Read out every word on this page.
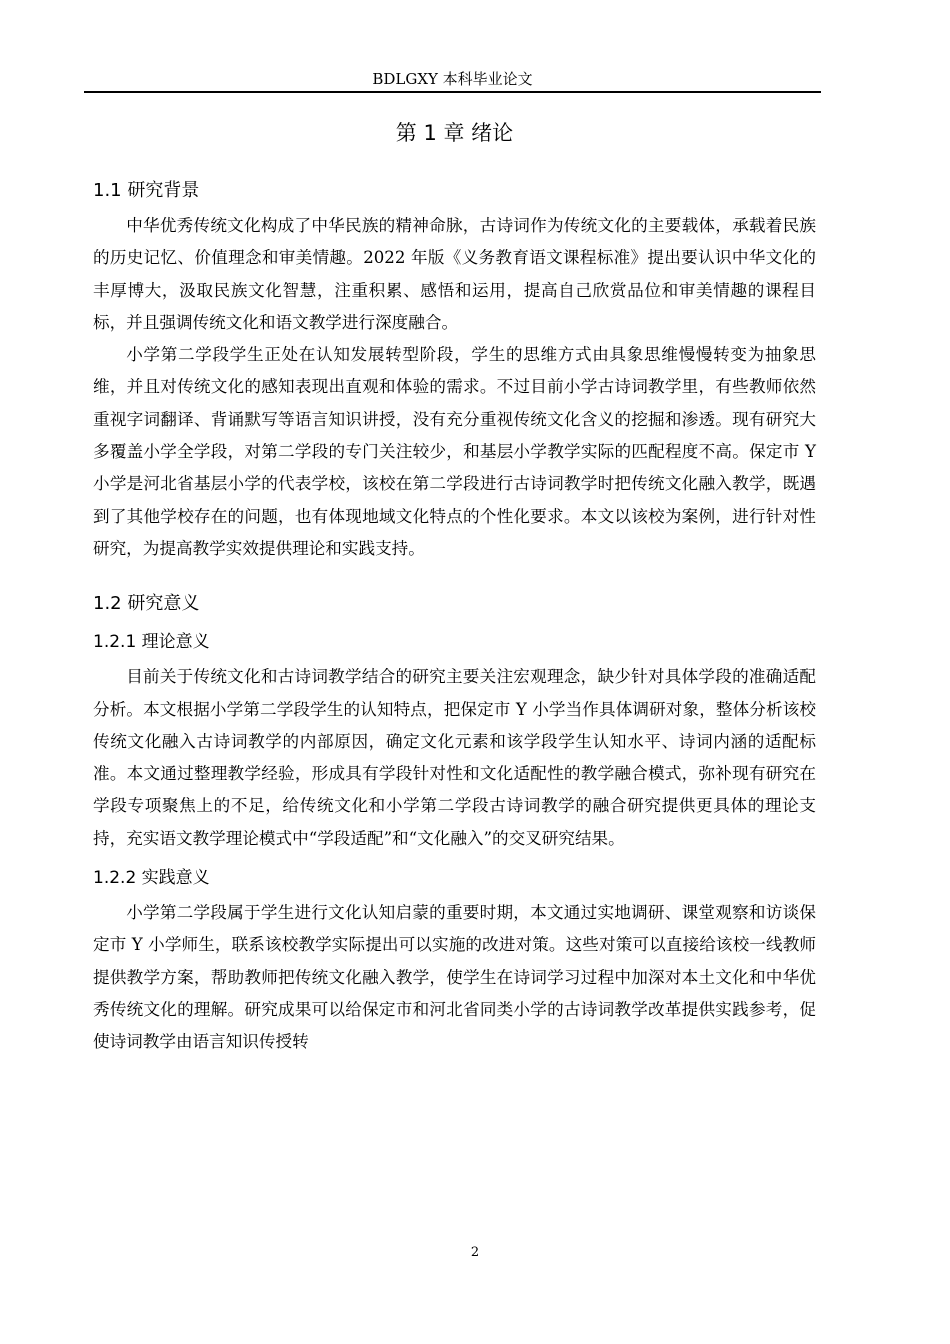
BDLGXY 本科毕业论文
第 1 章 绪论
1.1 研究背景

中华优秀传统文化构成了中华民族的精神命脉，古诗词作为传统文化的主要载体，承载着民族的历史记忆、价值理念和审美情趣。2022 年版《义务教育语文课程标准》提出要认识中华文化的丰厚博大，汲取民族文化智慧，注重积累、感悟和运用，提高自己欣赏品位和审美情趣的课程目标，并且强调传统文化和语文教学进行深度融合。

小学第二学段学生正处在认知发展转型阶段，学生的思维方式由具象思维慢慢转变为抽象思维，并且对传统文化的感知表现出直观和体验的需求。不过目前小学古诗词教学里，有些教师依然重视字词翻译、背诵默写等语言知识讲授，没有充分重视传统文化含义的挖掘和渗透。现有研究大多覆盖小学全学段，对第二学段的专门关注较少，和基层小学教学实际的匹配程度不高。保定市 Y 小学是河北省基层小学的代表学校，该校在第二学段进行古诗词教学时把传统文化融入教学，既遇到了其他学校存在的问题，也有体现地域文化特点的个性化要求。本文以该校为案例，进行针对性研究，为提高教学实效提供理论和实践支持。

1.2 研究意义
1.2.1 理论意义

目前关于传统文化和古诗词教学结合的研究主要关注宏观理念，缺少针对具体学段的准确适配分析。本文根据小学第二学段学生的认知特点，把保定市 Y 小学当作具体调研对象，整体分析该校传统文化融入古诗词教学的内部原因，确定文化元素和该学段学生认知水平、诗词内涵的适配标准。本文通过整理教学经验，形成具有学段针对性和文化适配性的教学融合模式，弥补现有研究在学段专项聚焦上的不足，给传统文化和小学第二学段古诗词教学的融合研究提供更具体的理论支持，充实语文教学理论模式中“学段适配”和“文化融入”的交叉研究结果。

1.2.2 实践意义

小学第二学段属于学生进行文化认知启蒙的重要时期，本文通过实地调研、课堂观察和访谈保定市 Y 小学师生，联系该校教学实际提出可以实施的改进对策。这些对策可以直接给该校一线教师提供教学方案，帮助教师把传统文化融入教学，使学生在诗词学习过程中加深对本土文化和中华优秀传统文化的理解。研究成果可以给保定市和河北省同类小学的古诗词教学改革提供实践参考，促使诗词教学由语言知识传授转

2
